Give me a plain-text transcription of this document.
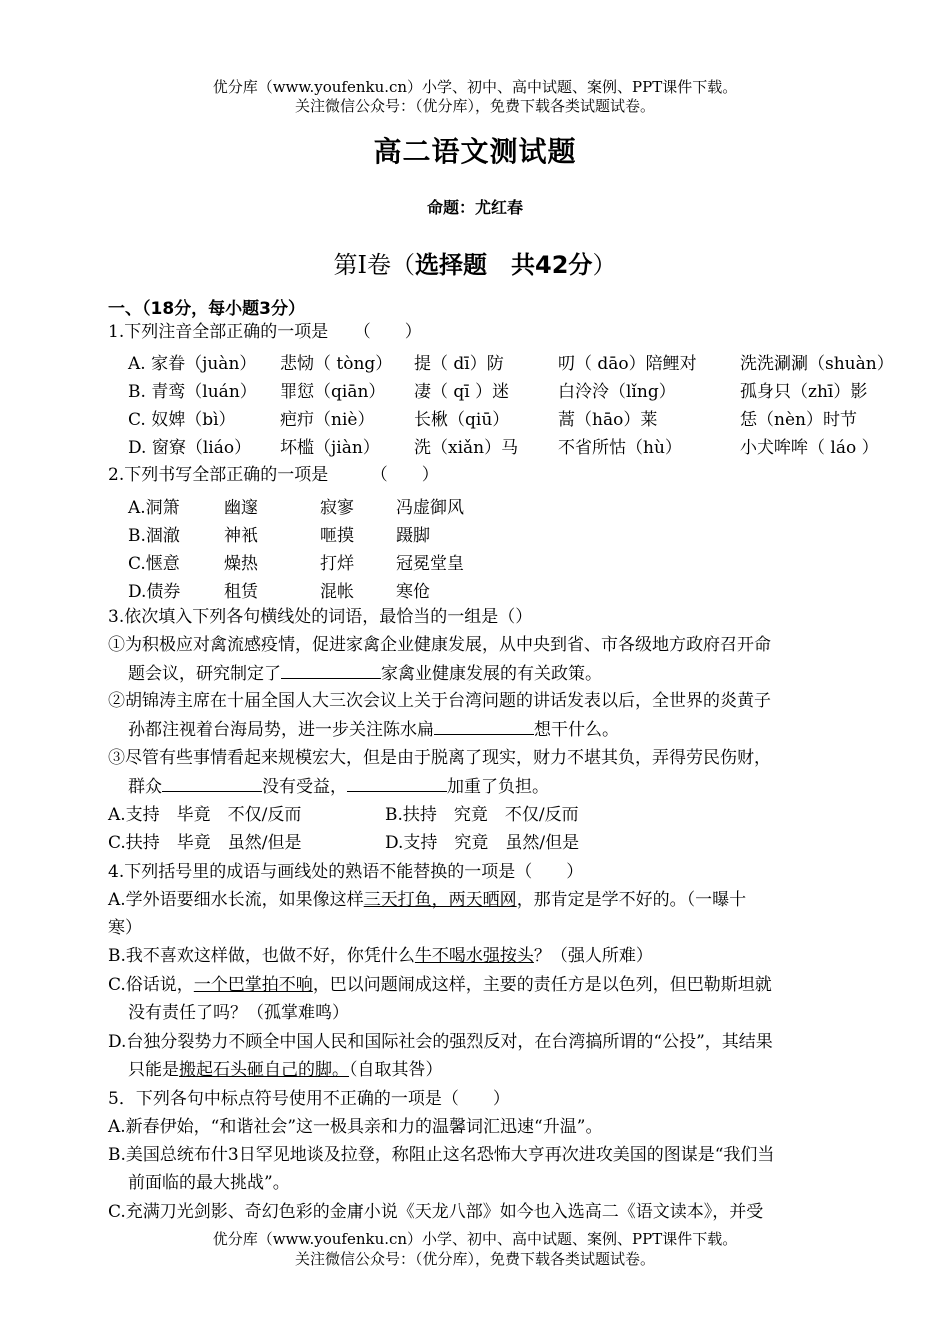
优分库（www.youfenku.cn）小学、初中、高中试题、案例、PPT课件下载。
关注微信公众号：（优分库），免费下载各类试题试卷。
高二语文测试题
命题：尤红春
第Ⅰ卷（选择题　共42分）
一、（18分，每小题3分）
1.下列注音全部正确的一项是　　（　　）
A. 家眷（juàn） 悲恸（ tòng） 提（ dī）防	叨（ dāo）陪鲤对	洗洗涮涮（shuàn）
B. 青鸾（luán） 罪愆（qiān） 凄（ qī ）迷	白泠泠（lǐng）	孤身只（zhī）影
C. 奴婢（bì）	疤疖（niè） 长楸（qiū）	蒿（hāo）莱	恁（nèn）时节
D. 窗寮（liáo） 坏槛（jiàn） 洗（xiǎn）马 不省所怙（hù）	小犬哞哞（ láo ）
2.下列书写全部正确的一项是　　　（　　）
A.洞箫	幽邃	寂寥 冯虚御风
B.涸澈	神衹	咂摸 蹑脚
C.惬意	燥热	打烊 冠冕堂皇
D.债券	租赁	混帐 寒伧
3.依次填入下列各句横线处的词语，最恰当的一组是（）
①为积极应对禽流感疫情，促进家禽企业健康发展，从中央到省、市各级地方政府召开命
题会议，研究制定了	家禽业健康发展的有关政策。
②胡锦涛主席在十届全国人大三次会议上关于台湾问题的讲话发表以后，全世界的炎黄子
孙都注视着台海局势，进一步关注陈水扁	想干什么。
③尽管有些事情看起来规模宏大，但是由于脱离了现实，财力不堪其负，弄得劳民伤财，
群众	没有受益，	加重了负担。
A.支持　毕竟　不仅/反而	B.扶持　究竟　不仅/反而
C.扶持　毕竟　虽然/但是	D.支持　究竟　虽然/但是
4.下列括号里的成语与画线处的熟语不能替换的一项是（　　）
A.学外语要细水长流，如果像这样三天打鱼，两天晒网，那肯定是学不好的。（一曝十
寒）
B.我不喜欢这样做，也做不好，你凭什么牛不喝水强按头？（强人所难）
C.俗话说，一个巴掌拍不响，巴以问题闹成这样，主要的责任方是以色列，但巴勒斯坦就
没有责任了吗？（孤掌难鸣）
D.台独分裂势力不顾全中国人民和国际社会的强烈反对，在台湾搞所谓的“公投”，其结果
只能是搬起石头砸自己的脚。（自取其咎）
5．下列各句中标点符号使用不正确的一项是（　　）
A.新春伊始，“和谐社会”这一极具亲和力的温馨词汇迅速“升温”。
B.美国总统布什3日罕见地谈及拉登，称阻止这名恐怖大亨再次进攻美国的图谋是“我们当
前面临的最大挑战”。
C.充满刀光剑影、奇幻色彩的金庸小说《天龙八部》如今也入选高二《语文读本》，并受
优分库（www.youfenku.cn）小学、初中、高中试题、案例、PPT课件下载。
关注微信公众号：（优分库），免费下载各类试题试卷。
